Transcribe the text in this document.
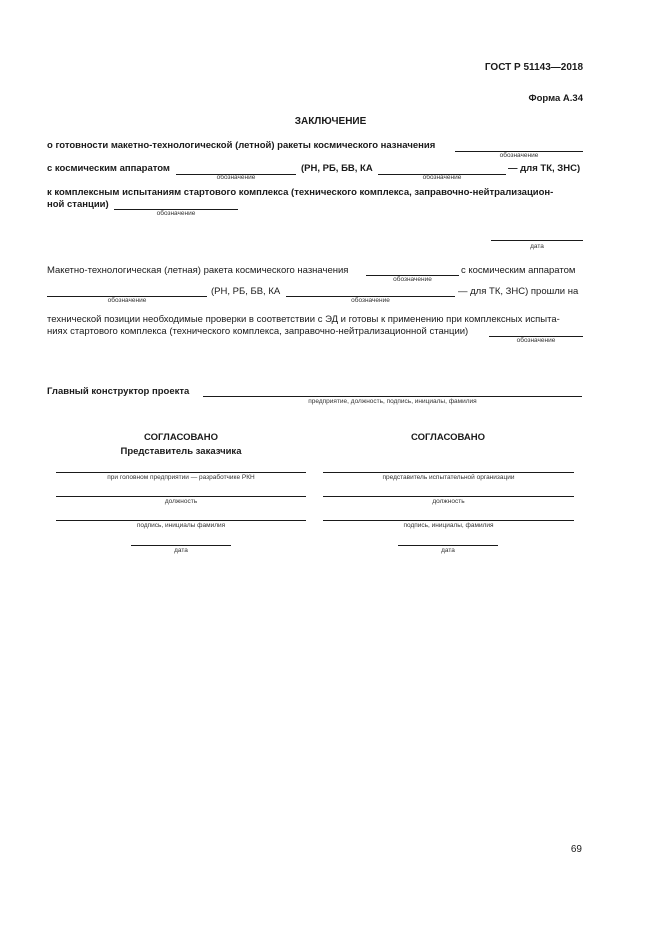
ГОСТ Р 51143—2018
Форма А.34
ЗАКЛЮЧЕНИЕ
о готовности макетно-технологической (летной) ракеты космического назначения
обозначение
с космическим аппаратом
обозначение
(РН, РБ, БВ, КА
обозначение
— для ТК, ЗНС)
к комплексным испытаниям стартового комплекса (технического комплекса, заправочно-нейтрализацион-
ной станции)
обозначение
дата
Макетно-технологическая (летная) ракета космического назначения
обозначение
с космическим аппаратом
обозначение
(РН, РБ, БВ, КА
обозначение
— для ТК, ЗНС) прошли на
технической позиции необходимые проверки в соответствии с ЭД и готовы к применению при комплексных испыта-
ниях стартового комплекса (технического комплекса, заправочно-нейтрализационной станции)
обозначение
Главный конструктор проекта
предприятие, должность, подпись, инициалы, фамилия
СОГЛАСОВАНО
Представитель заказчика
при головном предприятии — разработчике РКН
должность
подпись, инициалы фамилия
дата
СОГЛАСОВАНО
представитель испытательной организации
должность
подпись, инициалы, фамилия
дата
69
